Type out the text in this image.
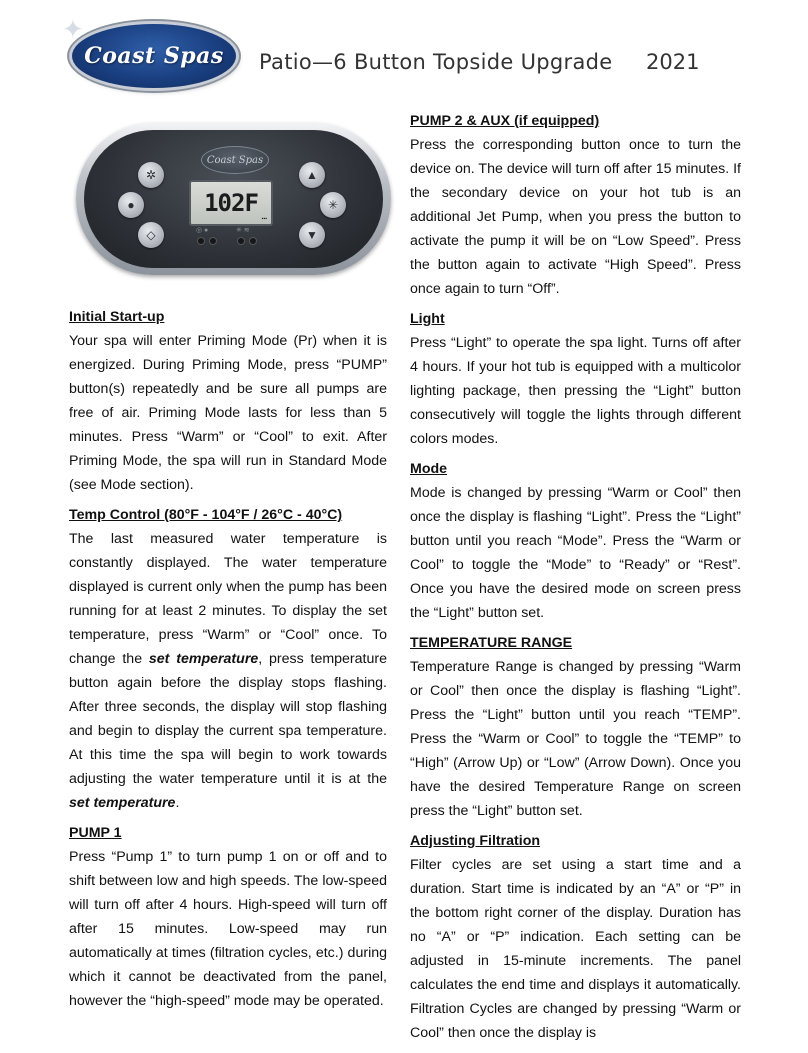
✦
Coast Spas Patio—6 Button Topside Upgrade 2021
Coast Spas
✲
●
◇
▲
✳
▼
102F
▪▪▪
◎ ●	✳ ≋
Initial Start-up

Your spa will enter Priming Mode (Pr) when it is energized. During Priming Mode, press “PUMP” button(s) repeatedly and be sure all pumps are free of air. Priming Mode lasts for less than 5 minutes. Press “Warm” or “Cool” to exit. After Priming Mode, the spa will run in Standard Mode (see Mode section).

Temp Control (80°F - 104°F / 26°C - 40°C)

The last measured water temperature is constantly displayed. The water temperature displayed is current only when the pump has been running for at least 2 minutes. To display the set temperature, press “Warm” or “Cool” once. To change the set temperature, press temperature button again before the display stops flashing. After three seconds, the display will stop flashing and begin to display the current spa temperature. At this time the spa will begin to work towards adjusting the water temperature until it is at the set temperature.

PUMP 1

Press “Pump 1” to turn pump 1 on or off and to shift between low and high speeds. The low-speed will turn off after 4 hours. High-speed will turn off after 15 minutes. Low-speed may run automatically at times (filtration cycles, etc.) during which it cannot be deactivated from the panel, however the “high-speed” mode may be operated.

PUMP 2 & AUX (if equipped)

Press the corresponding button once to turn the device on. The device will turn off after 15 minutes. If the secondary device on your hot tub is an additional Jet Pump, when you press the button to activate the pump it will be on “Low Speed”. Press the button again to activate “High Speed”. Press once again to turn “Off”.

Light

Press “Light” to operate the spa light. Turns off after 4 hours. If your hot tub is equipped with a multicolor lighting package, then pressing the “Light” button consecutively will toggle the lights through different colors modes.

Mode

Mode is changed by pressing “Warm or Cool” then once the display is flashing “Light”. Press the “Light” button until you reach “Mode”. Press the “Warm or Cool” to toggle the “Mode” to “Ready” or “Rest”. Once you have the desired mode on screen press the “Light” button set.

TEMPERATURE RANGE

Temperature Range is changed by pressing “Warm or Cool” then once the display is flashing “Light”. Press the “Light” button until you reach “TEMP”. Press the “Warm or Cool” to toggle the “TEMP” to “High” (Arrow Up) or “Low” (Arrow Down). Once you have the desired Temperature Range on screen press the “Light” button set.

Adjusting Filtration

Filter cycles are set using a start time and a duration. Start time is indicated by an “A” or “P” in the bottom right corner of the display. Duration has no “A” or “P” indication. Each setting can be adjusted in 15-minute increments. The panel calculates the end time and displays it automatically. Filtration Cycles are changed by pressing “Warm or Cool” then once the display is
